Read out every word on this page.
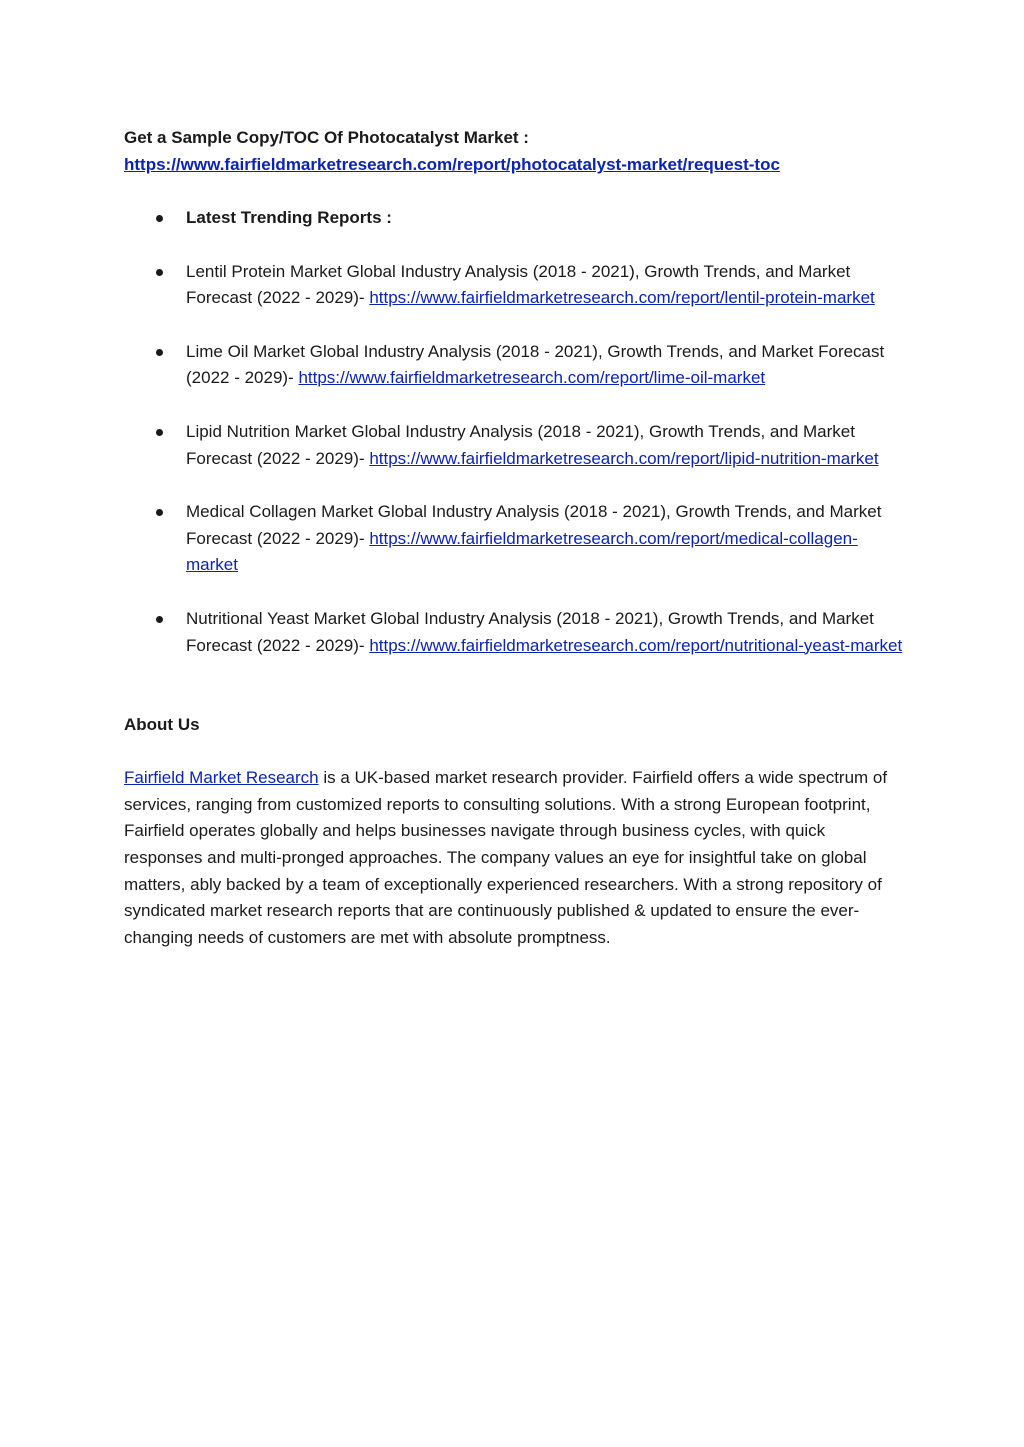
Get a Sample Copy/TOC Of Photocatalyst Market :

https://www.fairfieldmarketresearch.com/report/photocatalyst-market/request-toc
Latest Trending Reports :
Lentil Protein Market Global Industry Analysis (2018 - 2021), Growth Trends, and Market Forecast (2022 - 2029)- https://www.fairfieldmarketresearch.com/report/lentil-protein-market
Lime Oil Market Global Industry Analysis (2018 - 2021), Growth Trends, and Market Forecast (2022 - 2029)- https://www.fairfieldmarketresearch.com/report/lime-oil-market
Lipid Nutrition Market Global Industry Analysis (2018 - 2021), Growth Trends, and Market Forecast (2022 - 2029)- https://www.fairfieldmarketresearch.com/report/lipid-nutrition-market
Medical Collagen Market Global Industry Analysis (2018 - 2021), Growth Trends, and Market Forecast (2022 - 2029)- https://www.fairfieldmarketresearch.com/report/medical-collagen-market
Nutritional Yeast Market Global Industry Analysis (2018 - 2021), Growth Trends, and Market Forecast (2022 - 2029)- https://www.fairfieldmarketresearch.com/report/nutritional-yeast-market

About Us

Fairfield Market Research is a UK-based market research provider. Fairfield offers a wide spectrum of services, ranging from customized reports to consulting solutions. With a strong European footprint, Fairfield operates globally and helps businesses navigate through business cycles, with quick responses and multi-pronged approaches. The company values an eye for insightful take on global matters, ably backed by a team of exceptionally experienced researchers. With a strong repository of syndicated market research reports that are continuously published & updated to ensure the ever-changing needs of customers are met with absolute promptness.
